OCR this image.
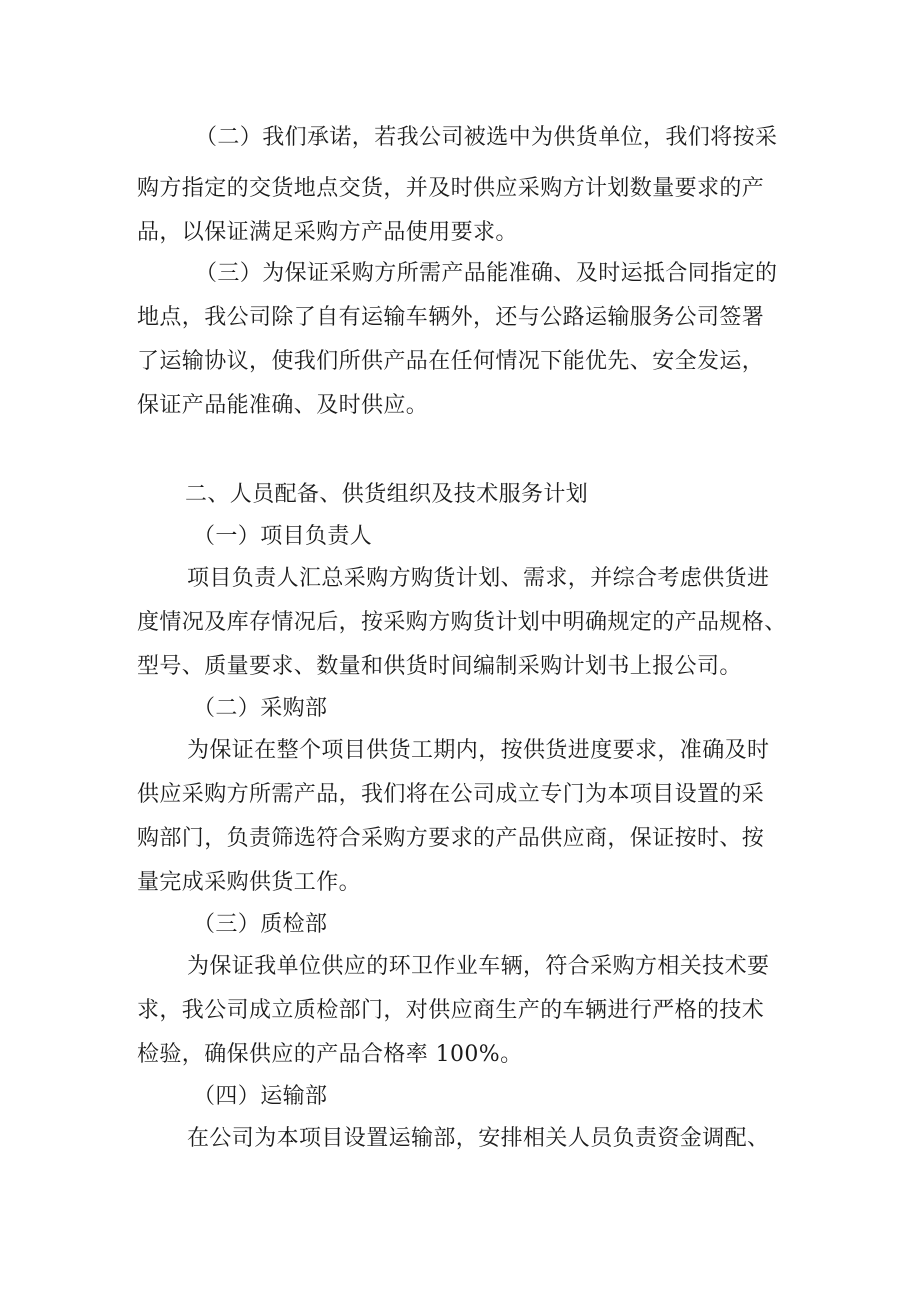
（二）我们承诺，若我公司被选中为供货单位，我们将按采
购方指定的交货地点交货，并及时供应采购方计划数量要求的产
品，以保证满足采购方产品使用要求。
（三）为保证采购方所需产品能准确、及时运抵合同指定的
地点，我公司除了自有运输车辆外，还与公路运输服务公司签署
了运输协议，使我们所供产品在任何情况下能优先、安全发运，
保证产品能准确、及时供应。
二、人员配备、供货组织及技术服务计划
（一）项目负责人
项目负责人汇总采购方购货计划、需求，并综合考虑供货进
度情况及库存情况后，按采购方购货计划中明确规定的产品规格、
型号、质量要求、数量和供货时间编制采购计划书上报公司。
（二）采购部
为保证在整个项目供货工期内，按供货进度要求，准确及时
供应采购方所需产品，我们将在公司成立专门为本项目设置的采
购部门，负责筛选符合采购方要求的产品供应商，保证按时、按
量完成采购供货工作。
（三）质检部
为保证我单位供应的环卫作业车辆，符合采购方相关技术要
求，我公司成立质检部门，对供应商生产的车辆进行严格的技术
检验，确保供应的产品合格率 100%。
（四）运输部
在公司为本项目设置运输部，安排相关人员负责资金调配、
